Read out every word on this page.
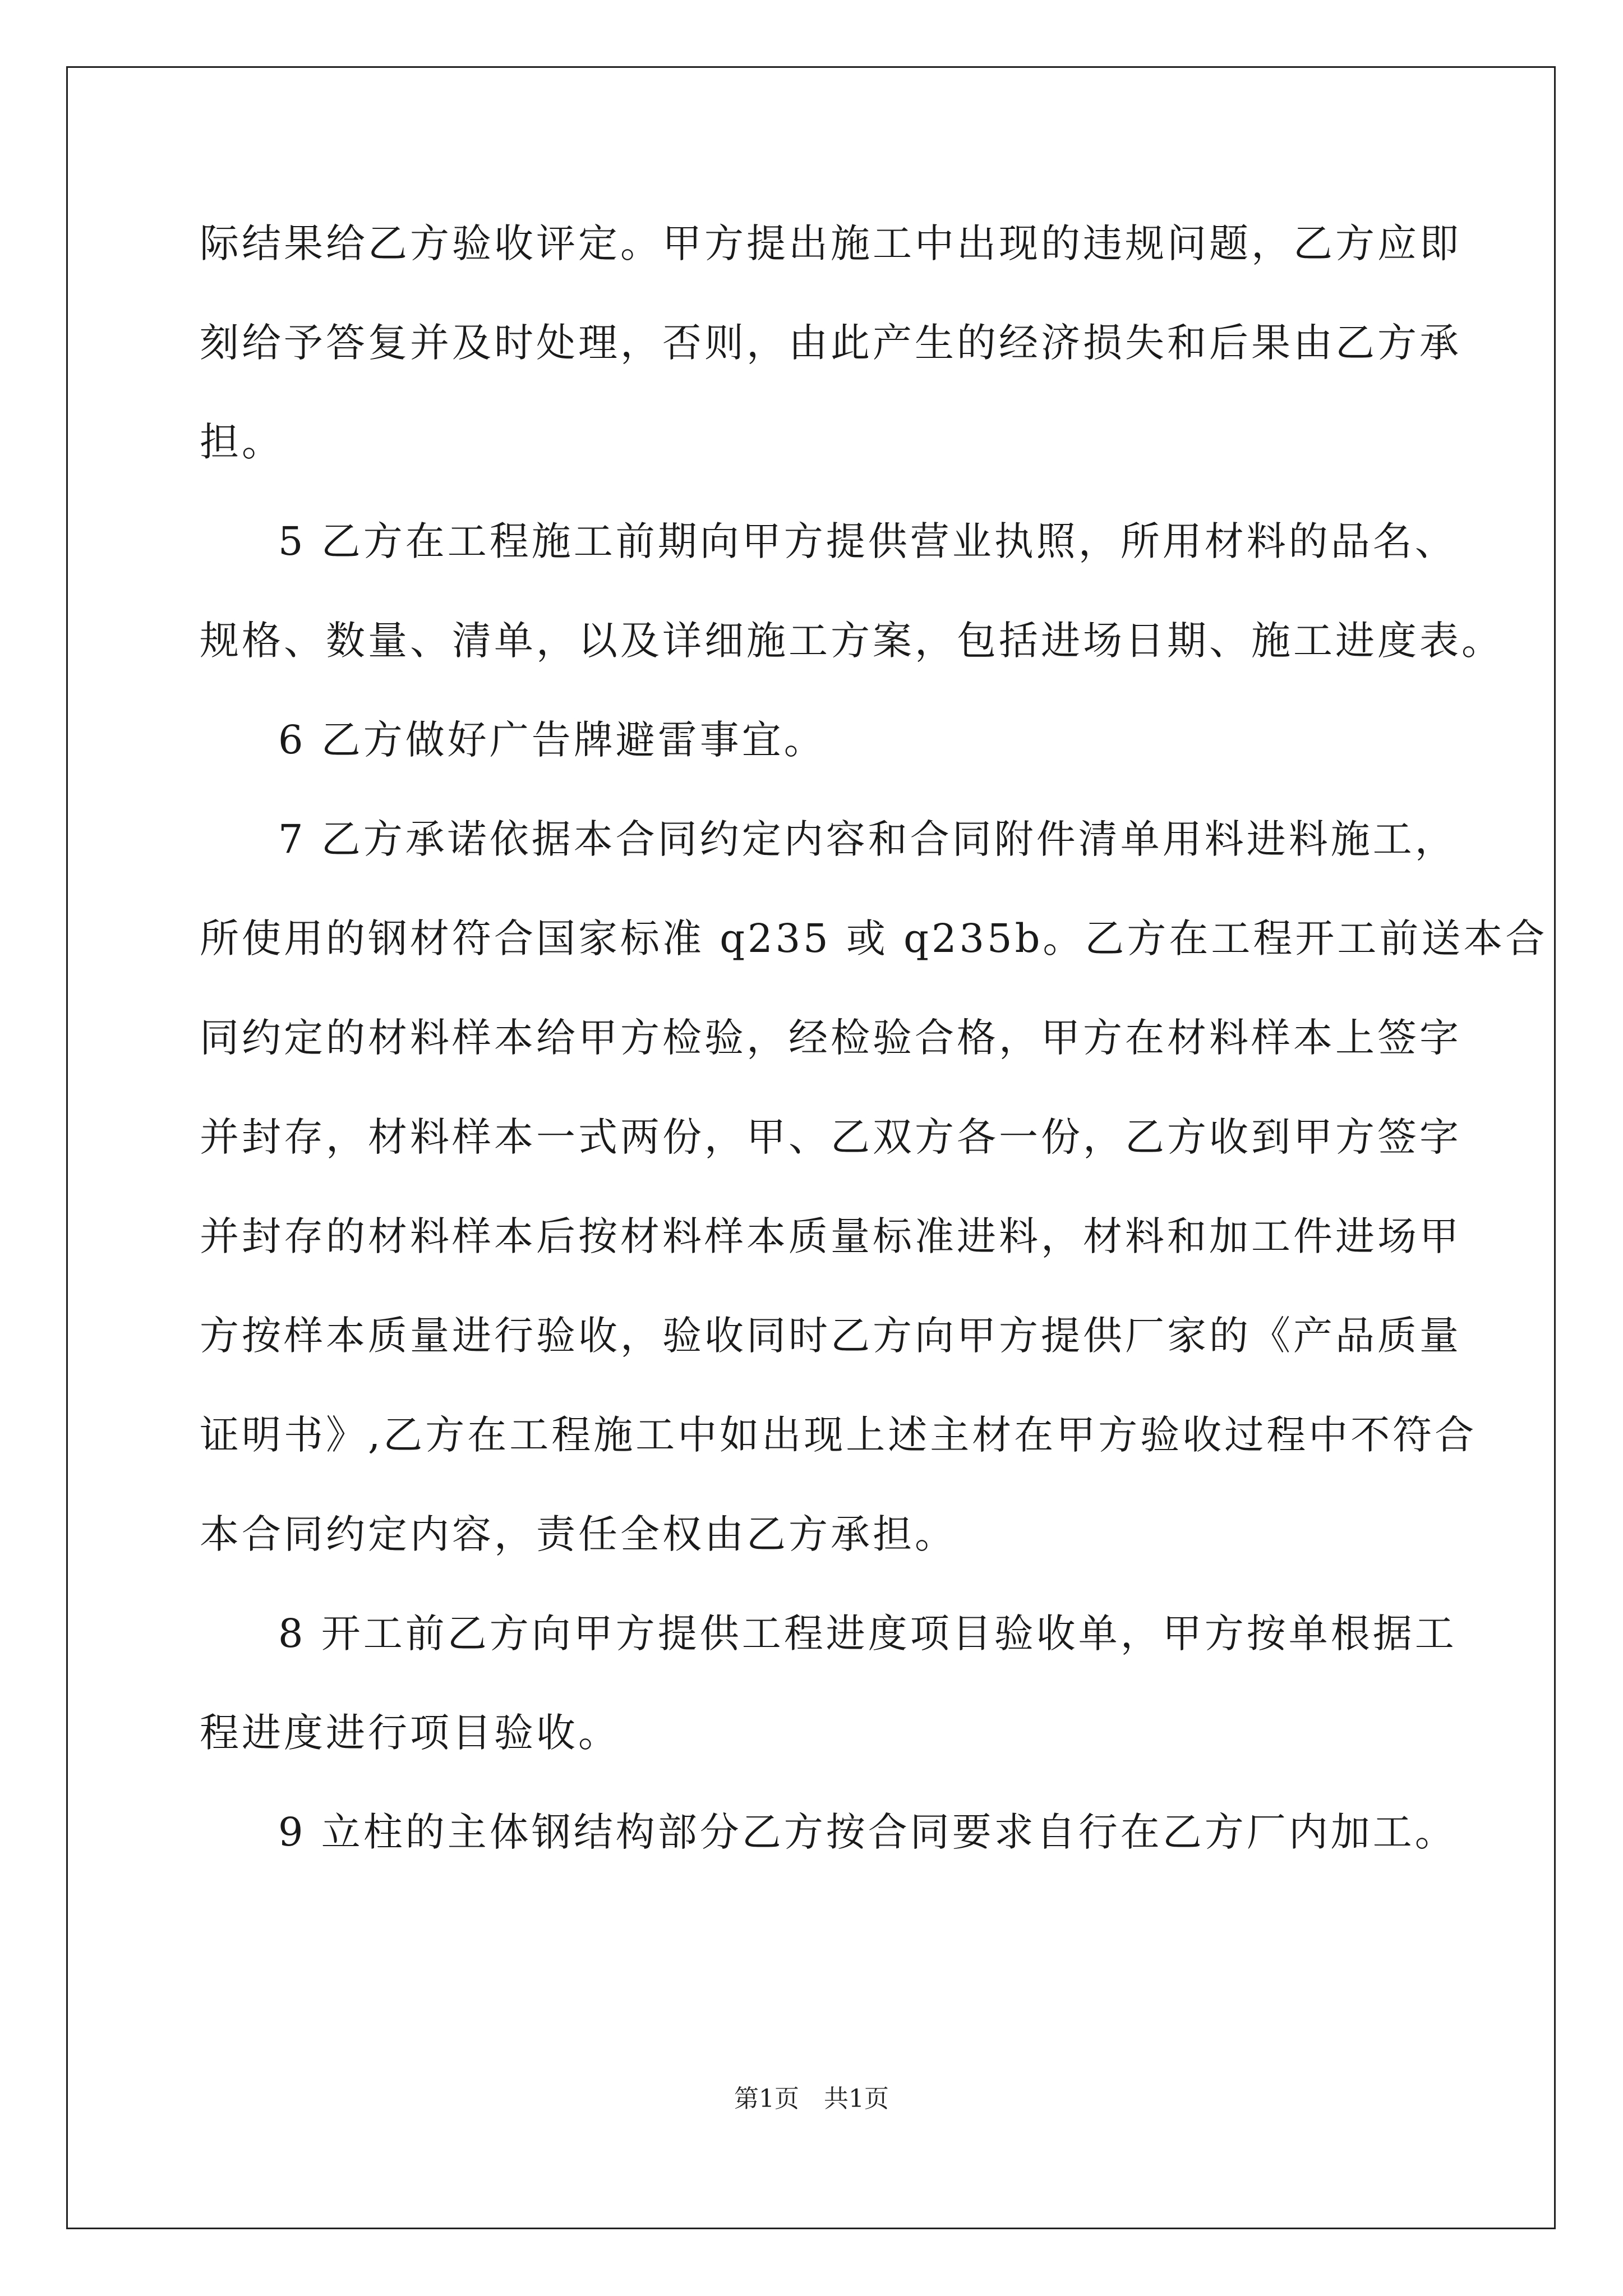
际结果给乙方验收评定。甲方提出施工中出现的违规问题，乙方应即
刻给予答复并及时处理，否则，由此产生的经济损失和后果由乙方承
担。

5 乙方在工程施工前期向甲方提供营业执照，所用材料的品名、
规格、数量、清单，以及详细施工方案，包括进场日期、施工进度表。

6 乙方做好广告牌避雷事宜。

7 乙方承诺依据本合同约定内容和合同附件清单用料进料施工，
所使用的钢材符合国家标准 q235 或 q235b。乙方在工程开工前送本合
同约定的材料样本给甲方检验，经检验合格，甲方在材料样本上签字
并封存，材料样本一式两份，甲、乙双方各一份，乙方收到甲方签字
并封存的材料样本后按材料样本质量标准进料，材料和加工件进场甲
方按样本质量进行验收，验收同时乙方向甲方提供厂家的《产品质量
证明书》,乙方在工程施工中如出现上述主材在甲方验收过程中不符合
本合同约定内容，责任全权由乙方承担。

8 开工前乙方向甲方提供工程进度项目验收单，甲方按单根据工
程进度进行项目验收。

9 立柱的主体钢结构部分乙方按合同要求自行在乙方厂内加工。

第1页 共1页
